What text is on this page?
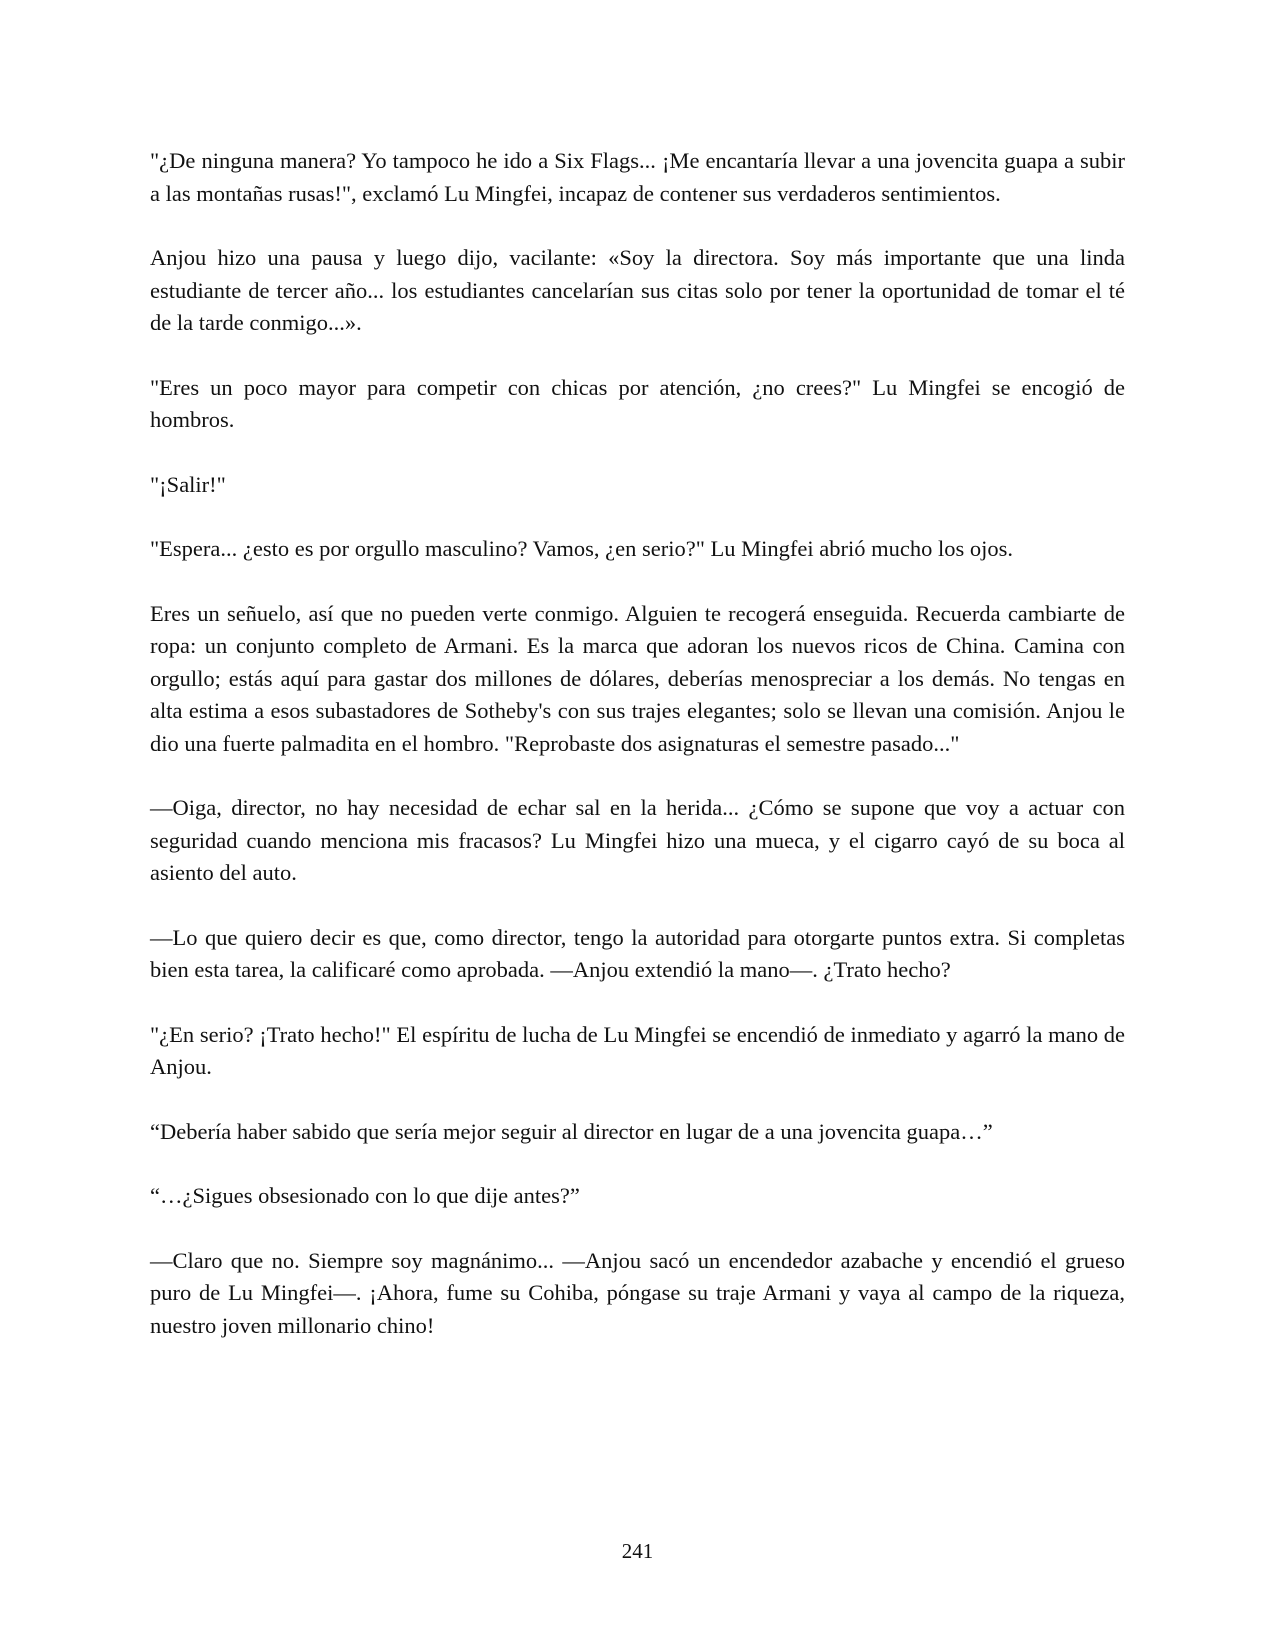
"¿De ninguna manera? Yo tampoco he ido a Six Flags... ¡Me encantaría llevar a una jovencita guapa a subir a las montañas rusas!", exclamó Lu Mingfei, incapaz de contener sus verdaderos sentimientos.

Anjou hizo una pausa y luego dijo, vacilante: «Soy la directora. Soy más importante que una linda estudiante de tercer año... los estudiantes cancelarían sus citas solo por tener la oportunidad de tomar el té de la tarde conmigo...».

"Eres un poco mayor para competir con chicas por atención, ¿no crees?" Lu Mingfei se encogió de hombros.

"¡Salir!"

"Espera... ¿esto es por orgullo masculino? Vamos, ¿en serio?" Lu Mingfei abrió mucho los ojos.

Eres un señuelo, así que no pueden verte conmigo. Alguien te recogerá enseguida. Recuerda cambiarte de ropa: un conjunto completo de Armani. Es la marca que adoran los nuevos ricos de China. Camina con orgullo; estás aquí para gastar dos millones de dólares, deberías menospreciar a los demás. No tengas en alta estima a esos subastadores de Sotheby's con sus trajes elegantes; solo se llevan una comisión. Anjou le dio una fuerte palmadita en el hombro. "Reprobaste dos asignaturas el semestre pasado..."

—Oiga, director, no hay necesidad de echar sal en la herida... ¿Cómo se supone que voy a actuar con seguridad cuando menciona mis fracasos? Lu Mingfei hizo una mueca, y el cigarro cayó de su boca al asiento del auto.

—Lo que quiero decir es que, como director, tengo la autoridad para otorgarte puntos extra. Si completas bien esta tarea, la calificaré como aprobada. —Anjou extendió la mano—. ¿Trato hecho?

"¿En serio? ¡Trato hecho!" El espíritu de lucha de Lu Mingfei se encendió de inmediato y agarró la mano de Anjou.

“Debería haber sabido que sería mejor seguir al director en lugar de a una jovencita guapa…”

“…¿Sigues obsesionado con lo que dije antes?”

—Claro que no. Siempre soy magnánimo... —Anjou sacó un encendedor azabache y encendió el grueso puro de Lu Mingfei—. ¡Ahora, fume su Cohiba, póngase su traje Armani y vaya al campo de la riqueza, nuestro joven millonario chino!

241
